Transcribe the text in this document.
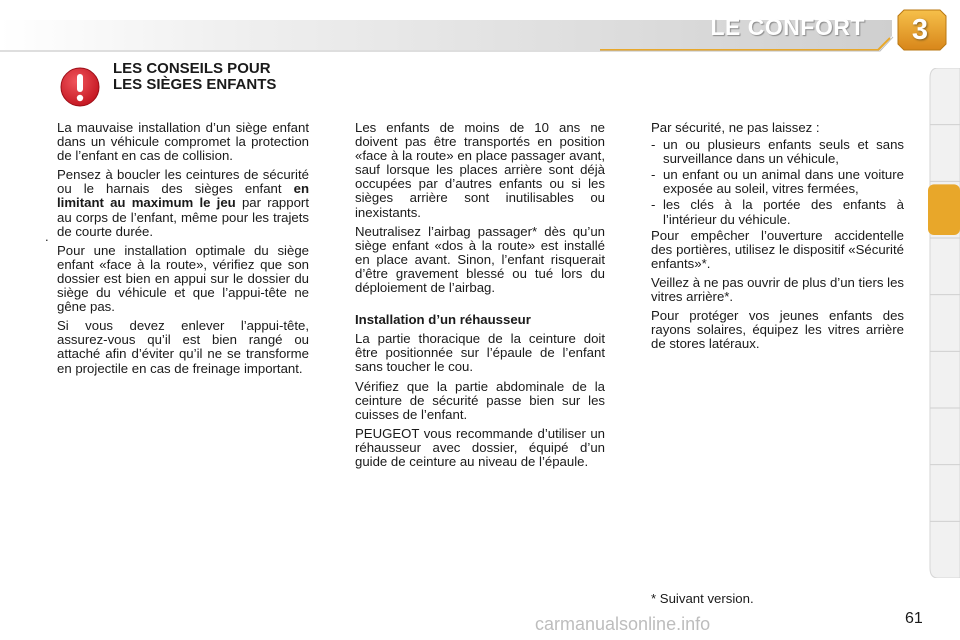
LE CONFORT 3
LES CONSEILS POUR
LES SIÈGES ENFANTS

La mauvaise installation d’un siège enfant dans un véhicule compromet la protection de l’enfant en cas de collision.

Pensez à boucler les ceintures de sécurité ou le harnais des sièges enfant en limitant au maximum le jeu par rapport au corps de l’enfant, même pour les trajets de courte durée.

Pour une installation optimale du siège enfant «face à la route», vérifiez que son dossier est bien en appui sur le dossier du siège du véhicule et que l’appui-tête ne gêne pas.

Si vous devez enlever l’appui-tête, assurez-vous qu’il est bien rangé ou attaché afin d’éviter qu’il ne se transforme en projectile en cas de freinage important.

.

Les enfants de moins de 10 ans ne doivent pas être transportés en position «face à la route» en place passager avant, sauf lorsque les places arrière sont déjà occupées par d’autres enfants ou si les sièges arrière sont inutilisables ou inexistants.

Neutralisez l’airbag passager* dès qu’un siège enfant «dos à la route» est installé en place avant. Sinon, l’enfant risquerait d’être gravement blessé ou tué lors du déploiement de l’airbag.

Installation d’un réhausseur

La partie thoracique de la ceinture doit être positionnée sur l’épaule de l’enfant sans toucher le cou.

Vérifiez que la partie abdominale de la ceinture de sécurité passe bien sur les cuisses de l’enfant.

PEUGEOT vous recommande d’utiliser un réhausseur avec dossier, équipé d’un guide de ceinture au niveau de l’épaule.

Par sécurité, ne pas laissez :

- un ou plusieurs enfants seuls et sans surveillance dans un véhicule,
- un enfant ou un animal dans une voiture exposée au soleil, vitres fermées,
- les clés à la portée des enfants à l’intérieur du véhicule.

Pour empêcher l’ouverture accidentelle des portières, utilisez le dispositif «Sécurité enfants»*.

Veillez à ne pas ouvrir de plus d’un tiers les vitres arrière*.

Pour protéger vos jeunes enfants des rayons solaires, équipez les vitres arrière de stores latéraux.

* Suivant version.
61
carmanualsonline.info
